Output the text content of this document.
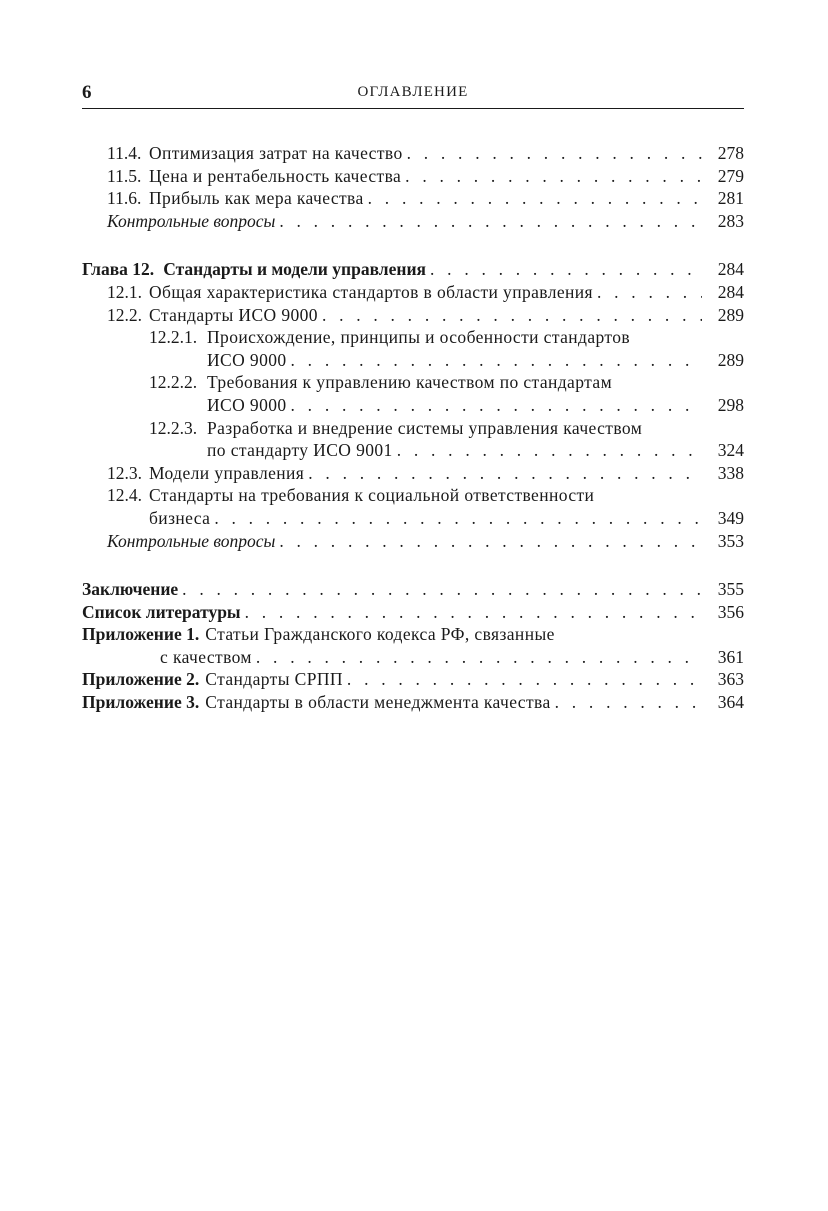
6	ОГЛАВЛЕНИЕ
11.4. Оптимизация затрат на качество . . .	278
11.5. Цена и рентабельность качества . . .	279
11.6. Прибыль как мера качества . . .	281
Контрольные вопросы . . .	283
Глава 12. Стандарты и модели управления . . .	284
12.1. Общая характеристика стандартов в области управления . . .	284
12.2. Стандарты ИСО 9000 . . .	289
12.2.1. Происхождение, принципы и особенности стандартов
ИСО 9000 . . .	289
12.2.2. Требования к управлению качеством по стандартам
ИСО 9000 . . .	298
12.2.3. Разработка и внедрение системы управления качеством
по стандарту ИСО 9001 . . .	324
12.3. Модели управления . . .	338
12.4. Стандарты на требования к социальной ответственности
бизнеса . . .	349
Контрольные вопросы . . .	353
Заключение . . .	355
Список литературы . . .	356
Приложение 1. Статьи Гражданского кодекса РФ, связанные
с качеством . . .	361
Приложение 2. Стандарты СРПП . . .	363
Приложение 3. Стандарты в области менеджмента качества . . .	364
